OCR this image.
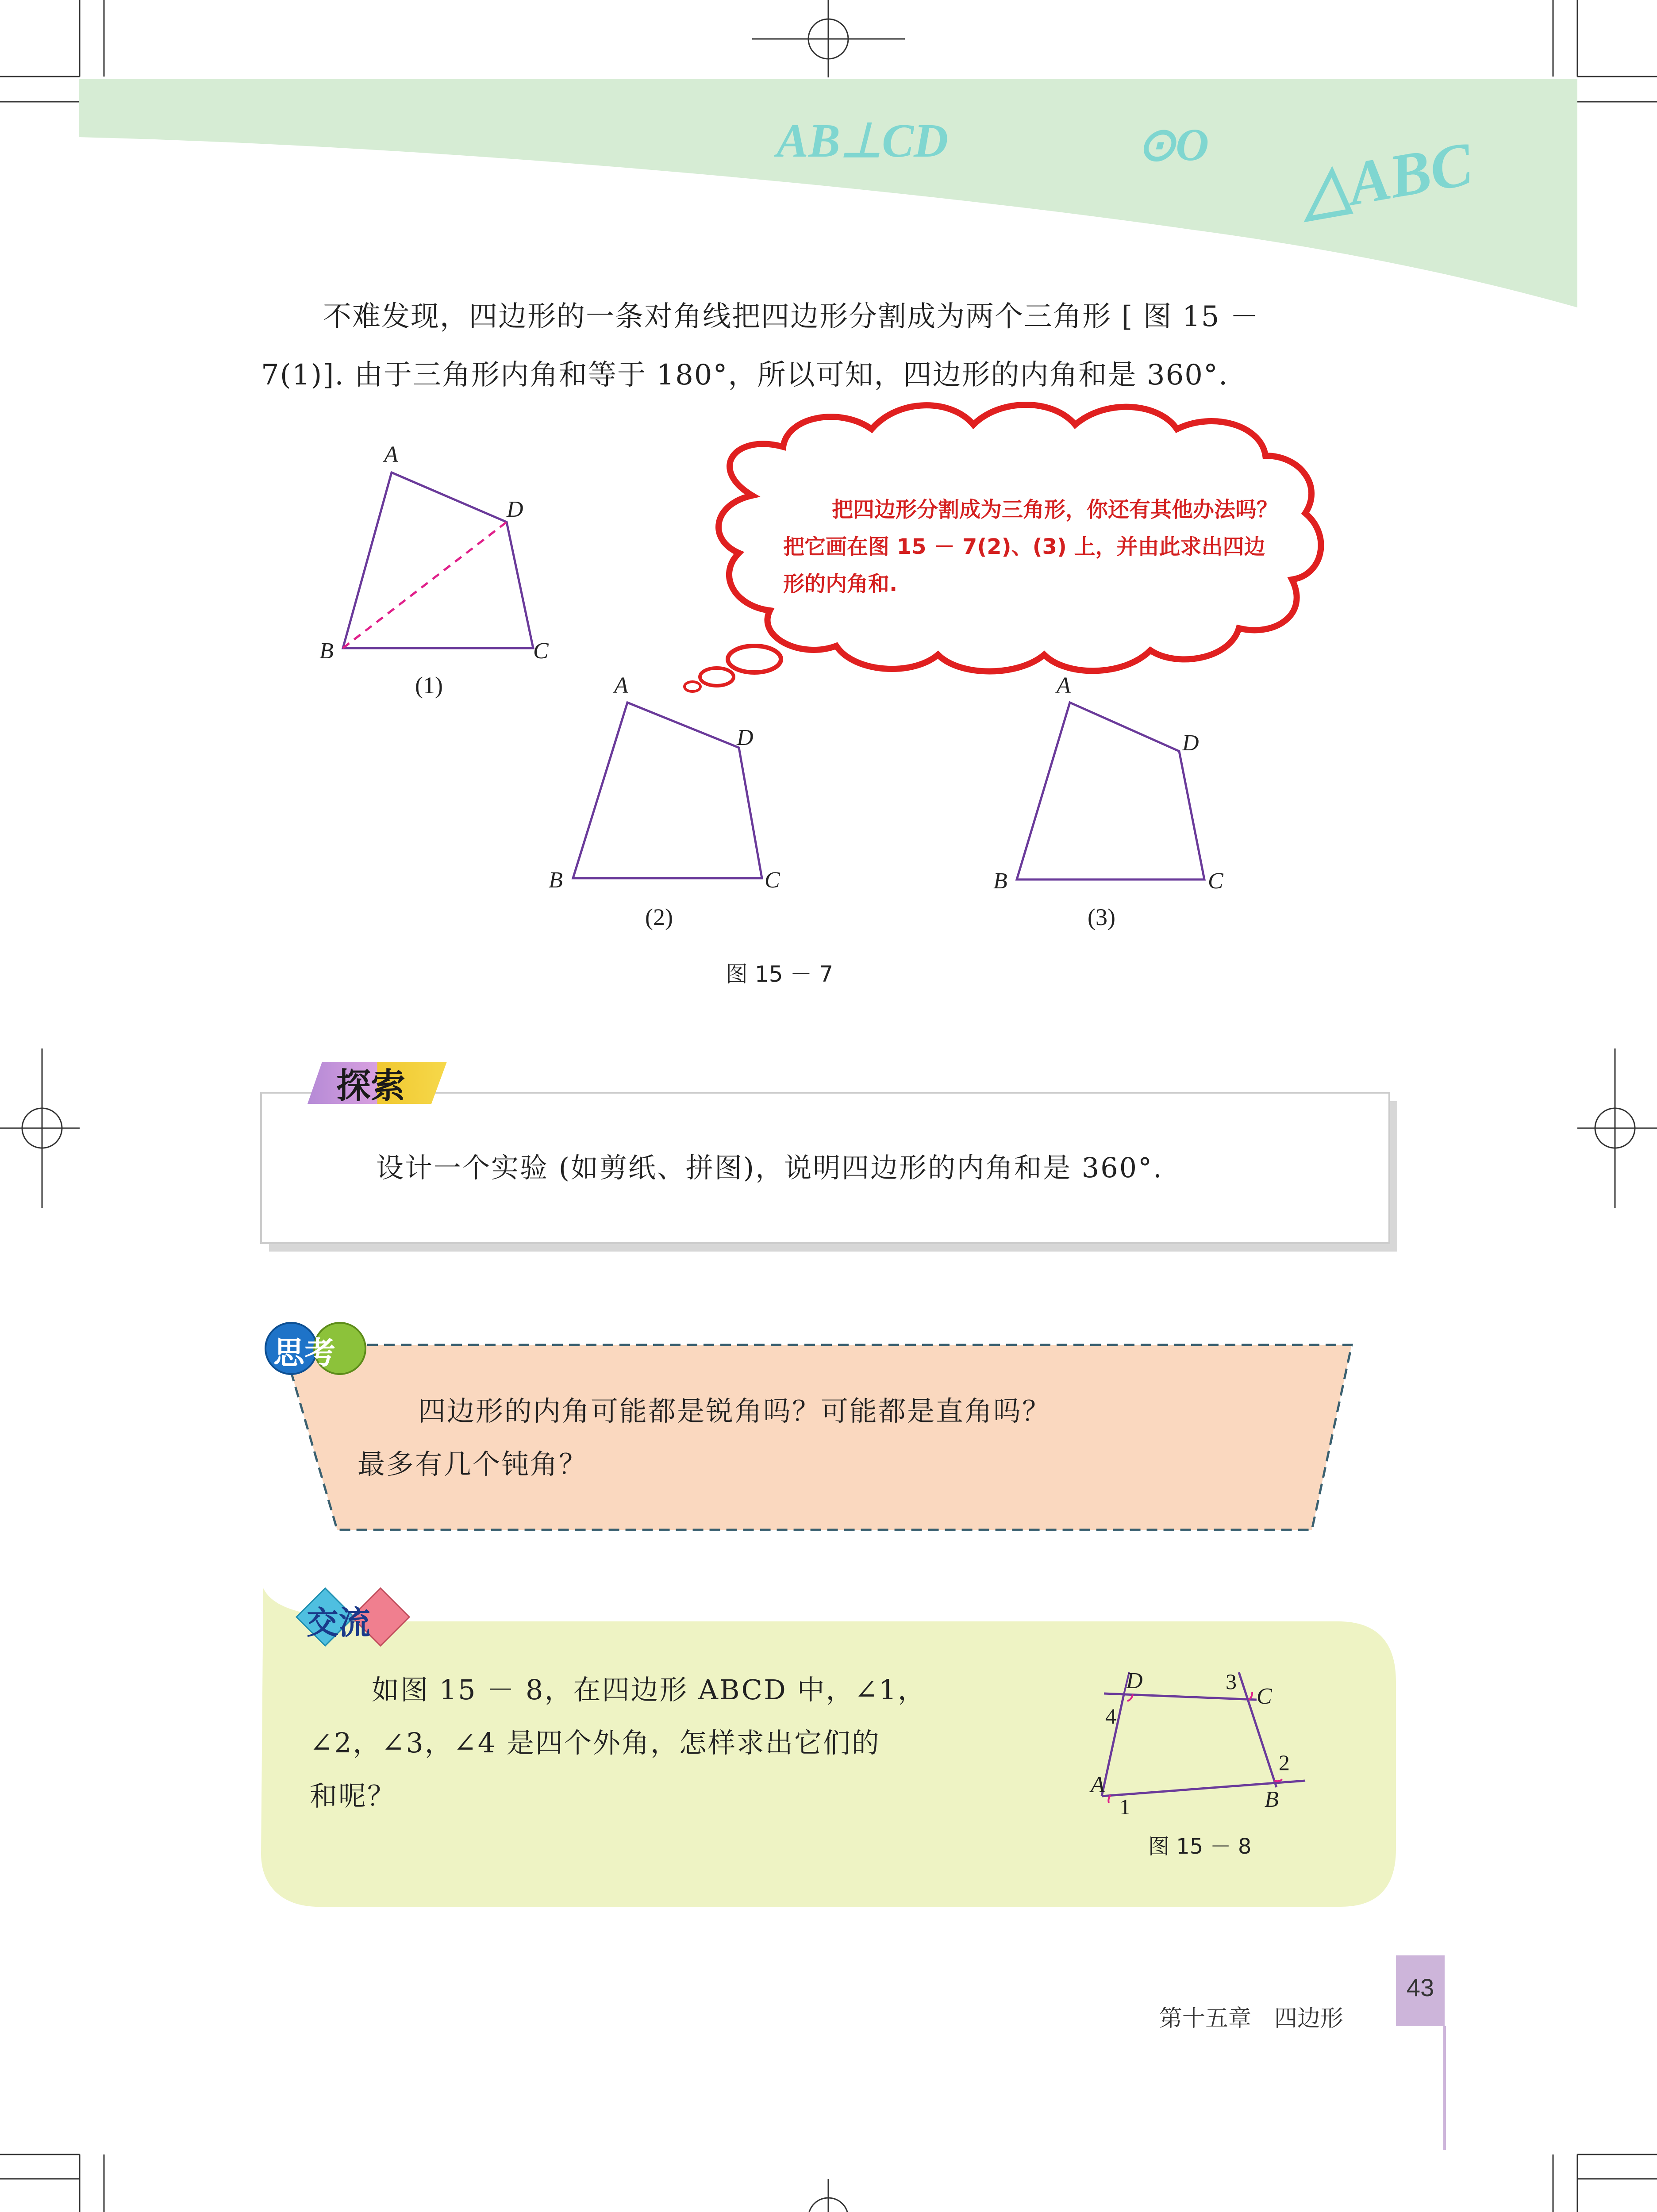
AB⊥CD	⊙O △ABC
不难发现，四边形的一条对角线把四边形分割成为两个三角形 [ 图 15 －
7(1)]. 由于三角形内角和等于 180°，所以可知，四边形的内角和是 360°.
把四边形分割成为三角形，你还有其他办法吗？把它画在图 15 － 7(2)、(3) 上，并由此求出四边形的内角和.
A
D
B	C
(1)	A
D
B	C
(2)
A
D
B	C
(3)
图 15 － 7
探索
设计一个实验 (如剪纸、拼图)，说明四边形的内角和是 360°.
思考
四边形的内角可能都是锐角吗？可能都是直角吗？
最多有几个钝角？
交流
如图 15 － 8，在四边形 ABCD 中，∠1，
∠2，∠3，∠4 是四个外角，怎样求出它们的
和呢？
D
C
A
B
3
4
2
1
图 15 － 8
第十五章　四边形
43
